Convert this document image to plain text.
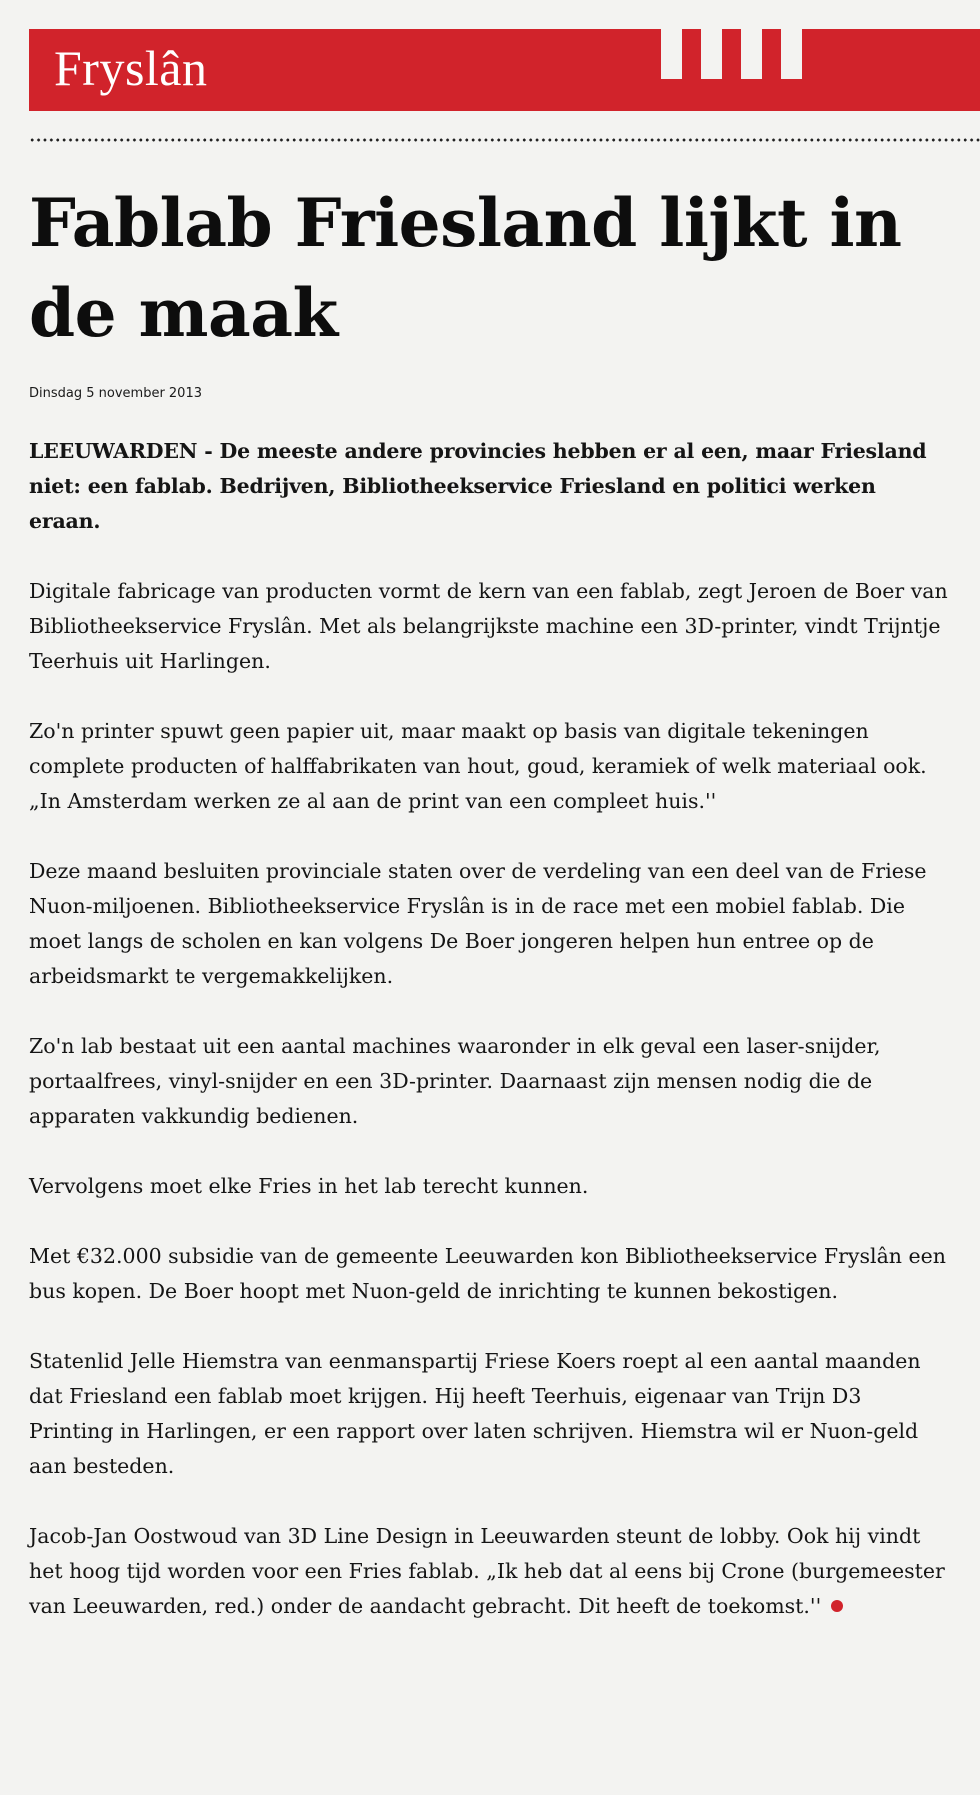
Fryslân
Fablab Friesland lijkt in de maak
Dinsdag 5 november 2013

LEEUWARDEN - De meeste andere provincies hebben er al een, maar Friesland niet: een fablab. Bedrijven, Bibliotheekservice Friesland en politici werken eraan.

Digitale fabricage van producten vormt de kern van een fablab, zegt Jeroen de Boer van Bibliotheekservice Fryslân. Met als belangrijkste machine een 3D-printer, vindt Trijntje Teerhuis uit Harlingen.

Zo'n printer spuwt geen papier uit, maar maakt op basis van digitale tekeningen complete producten of halffabrikaten van hout, goud, keramiek of welk materiaal ook. „In Amsterdam werken ze al aan de print van een compleet huis.''

Deze maand besluiten provinciale staten over de verdeling van een deel van de Friese Nuon-miljoenen. Bibliotheekservice Fryslân is in de race met een mobiel fablab. Die moet langs de scholen en kan volgens De Boer jongeren helpen hun entree op de arbeidsmarkt te vergemakkelijken.

Zo'n lab bestaat uit een aantal machines waaronder in elk geval een laser-snijder, portaalfrees, vinyl-snijder en een 3D-printer. Daarnaast zijn mensen nodig die de apparaten vakkundig bedienen.

Vervolgens moet elke Fries in het lab terecht kunnen.

Met €32.000 subsidie van de gemeente Leeuwarden kon Bibliotheekservice Fryslân een bus kopen. De Boer hoopt met Nuon-geld de inrichting te kunnen bekostigen.

Statenlid Jelle Hiemstra van eenmanspartij Friese Koers roept al een aantal maanden dat Friesland een fablab moet krijgen. Hij heeft Teerhuis, eigenaar van Trijn D3 Printing in Harlingen, er een rapport over laten schrijven. Hiemstra wil er Nuon-geld aan besteden.

Jacob-Jan Oostwoud van 3D Line Design in Leeuwarden steunt de lobby. Ook hij vindt het hoog tijd worden voor een Fries fablab. „Ik heb dat al eens bij Crone (burgemeester van Leeuwarden, red.) onder de aandacht gebracht. Dit heeft de toekomst.''
